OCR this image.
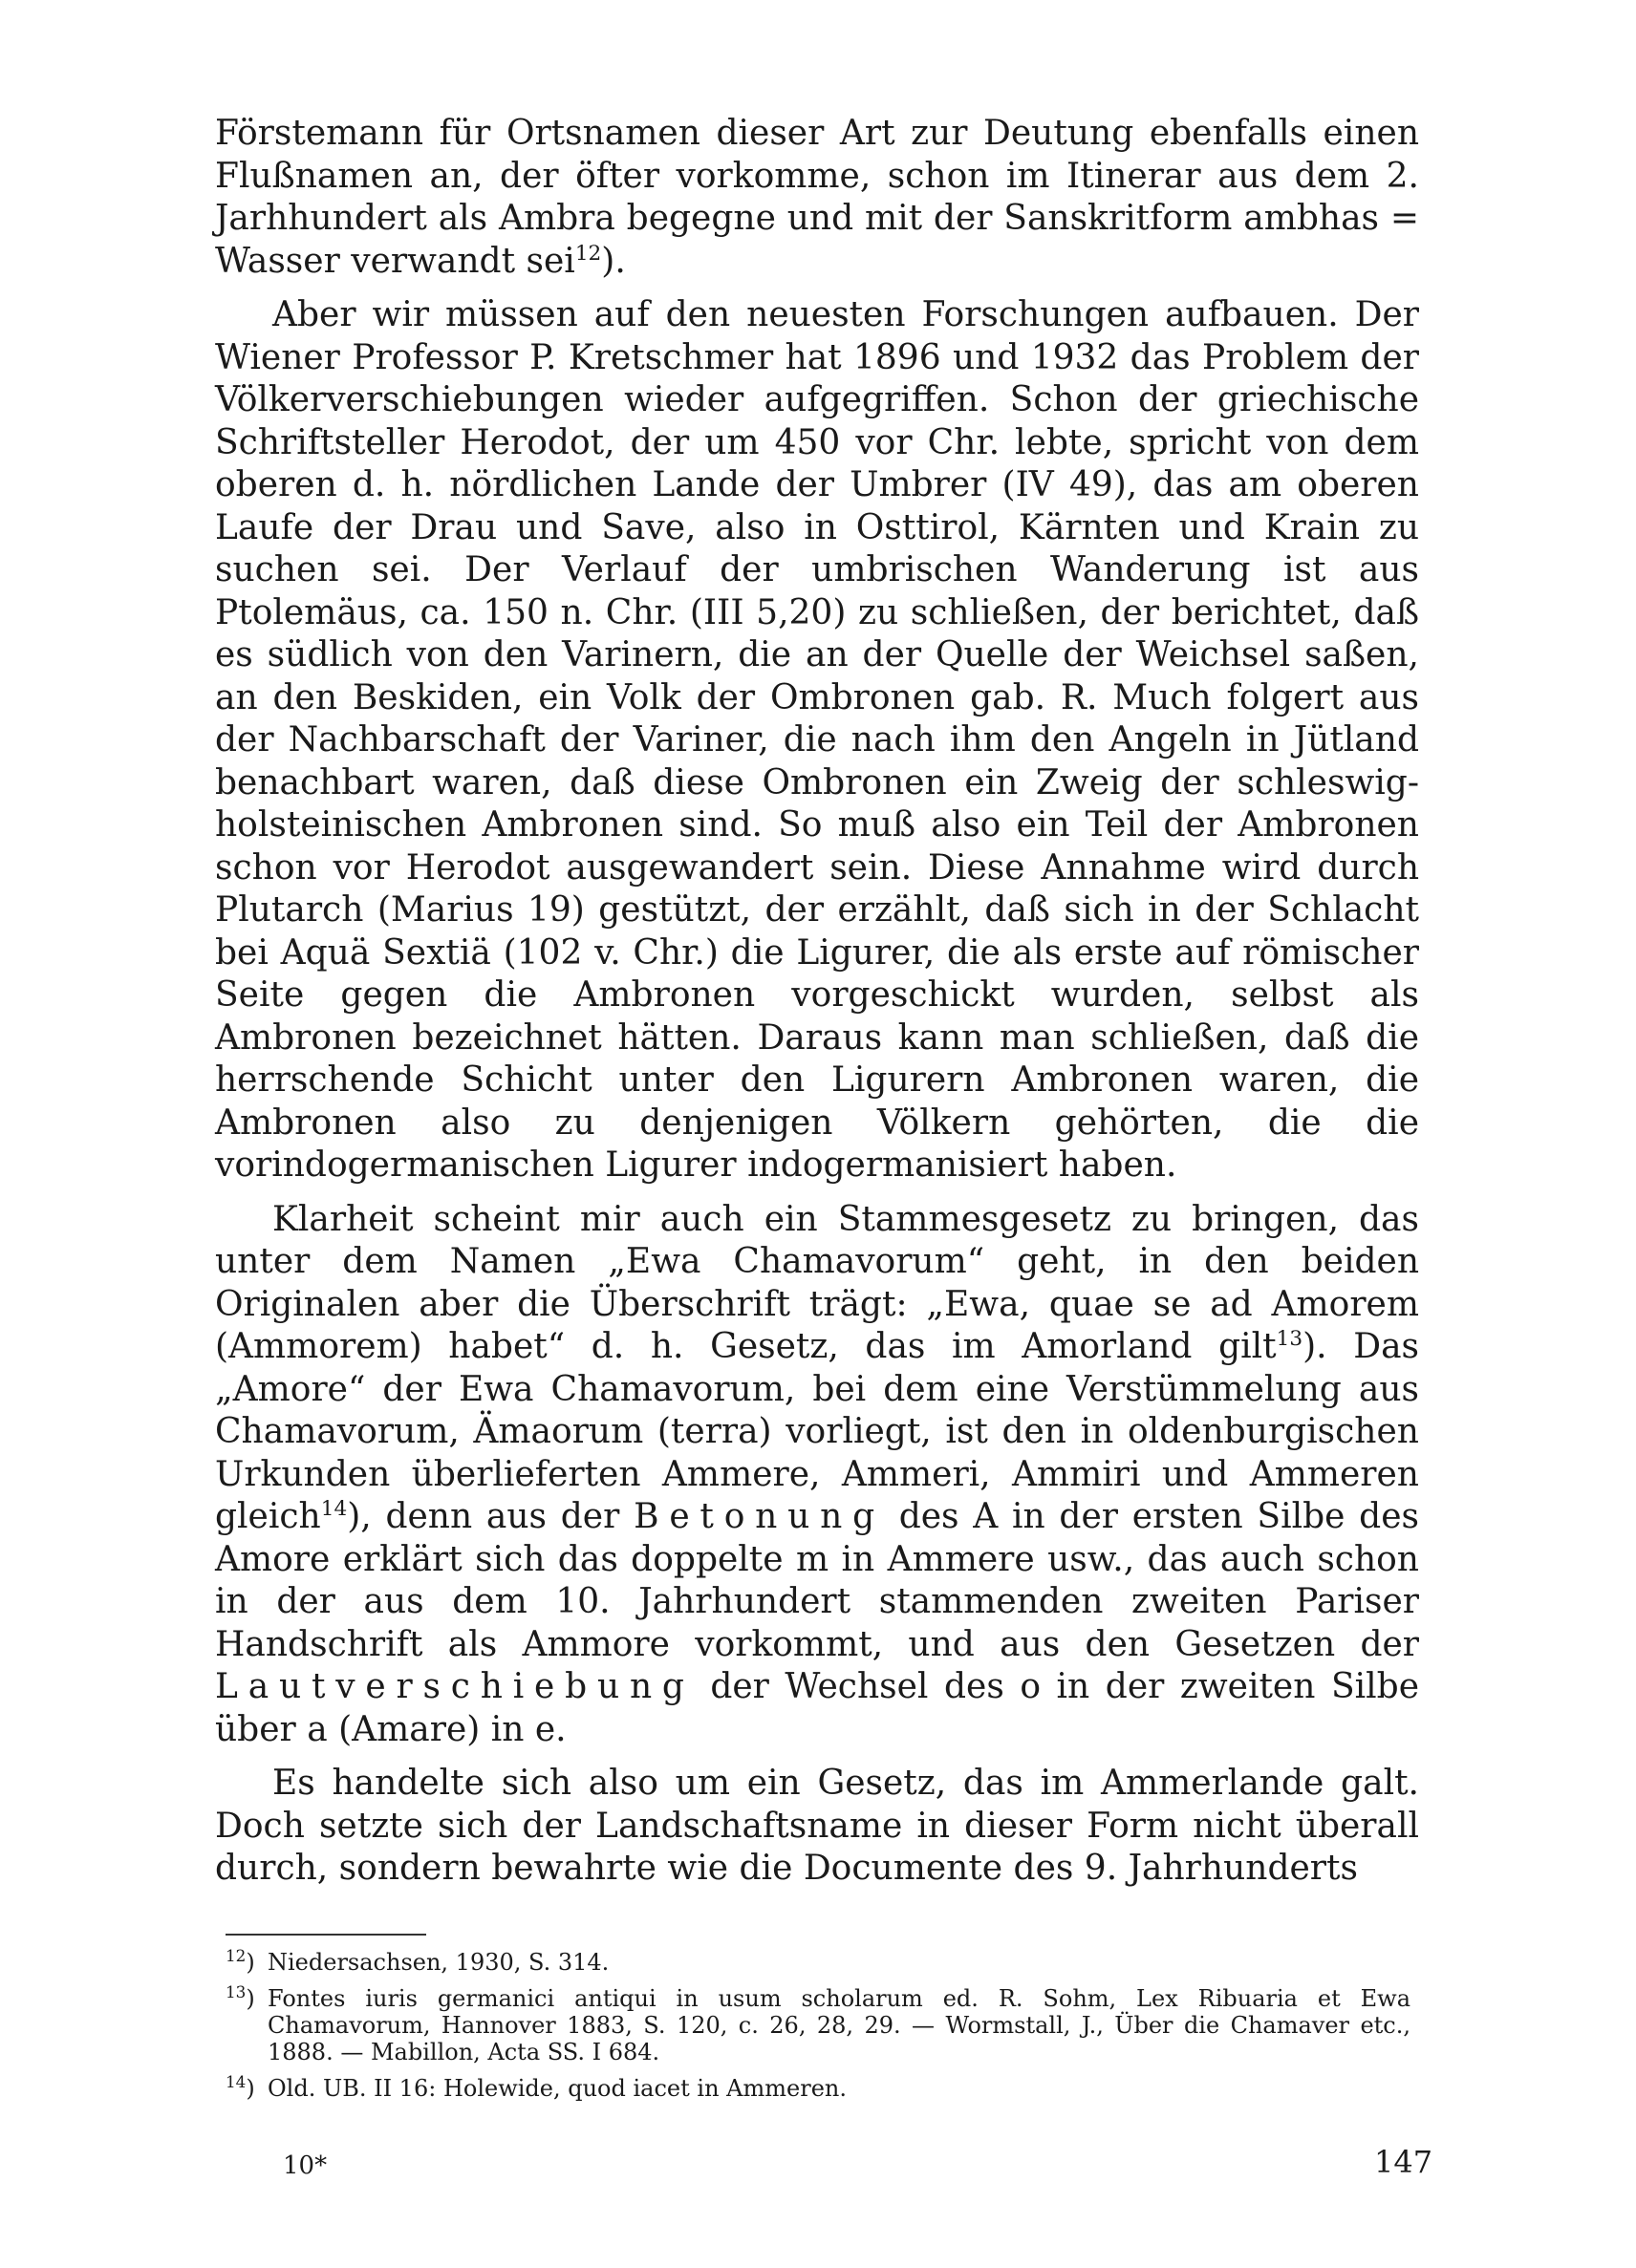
Förstemann für Ortsnamen dieser Art zur Deutung ebenfalls einen Flußnamen an, der öfter vorkomme, schon im Itinerar aus dem 2. Jarhhundert als Ambra begegne und mit der Sanskritform ambhas = Wasser verwandt sei$^{12}$).

Aber wir müssen auf den neuesten Forschungen aufbauen. Der Wiener Professor P. Kretschmer hat 1896 und 1932 das Problem der Völkerverschiebungen wieder aufgegriffen. Schon der griechische Schriftsteller Herodot, der um 450 vor Chr. lebte, spricht von dem oberen d. h. nördlichen Lande der Umbrer (IV 49), das am oberen Laufe der Drau und Save, also in Osttirol, Kärnten und Krain zu suchen sei. Der Verlauf der umbrischen Wanderung ist aus Ptolemäus, ca. 150 n. Chr. (III 5,20) zu schließen, der berichtet, daß es südlich von den Varinern, die an der Quelle der Weichsel saßen, an den Beskiden, ein Volk der Ombronen gab. R. Much folgert aus der Nachbarschaft der Variner, die nach ihm den Angeln in Jütland benachbart waren, daß diese Ombronen ein Zweig der schleswig-holsteinischen Ambronen sind. So muß also ein Teil der Ambronen schon vor Herodot ausgewandert sein. Diese Annahme wird durch Plutarch (Marius 19) gestützt, der erzählt, daß sich in der Schlacht bei Aquä Sextiä (102 v. Chr.) die Ligurer, die als erste auf römischer Seite gegen die Ambronen vorgeschickt wurden, selbst als Ambronen bezeichnet hätten. Daraus kann man schließen, daß die herrschende Schicht unter den Ligurern Ambronen waren, die Ambronen also zu denjenigen Völkern gehörten, die die vorindogermanischen Ligurer indogermanisiert haben.

Klarheit scheint mir auch ein Stammesgesetz zu bringen, das unter dem Namen „Ewa Chamavorum“ geht, in den beiden Originalen aber die Überschrift trägt: „Ewa, quae se ad Amorem (Ammorem) habet“ d. h. Gesetz, das im Amorland gilt$^{13}$). Das „Amore“ der Ewa Chamavorum, bei dem eine Verstümmelung aus Chamavorum, Ämaorum (terra) vorliegt, ist den in oldenburgischen Urkunden überlieferten Ammere, Ammeri, Ammiri und Ammeren gleich$^{14}$), denn aus der Betonung des A in der ersten Silbe des Amore erklärt sich das doppelte m in Ammere usw., das auch schon in der aus dem 10. Jahrhundert stammenden zweiten Pariser Handschrift als Ammore vorkommt, und aus den Gesetzen der Lautverschiebung der Wechsel des o in der zweiten Silbe über a (Amare) in e.

Es handelte sich also um ein Gesetz, das im Ammerlande galt. Doch setzte sich der Landschaftsname in dieser Form nicht überall durch, sondern bewahrte wie die Documente des 9. Jahrhunderts

$^{12}$) Niedersachsen, 1930, S. 314.
$^{13}$) Fontes iuris germanici antiqui in usum scholarum ed. R. Sohm, Lex Ribuaria et Ewa Chamavorum, Hannover 1883, S. 120, c. 26, 28, 29. — Wormstall, J., Über die Chamaver etc., 1888. — Mabillon, Acta SS. I 684.
$^{14}$) Old. UB. II 16: Holewide, quod iacet in Ammeren.
10*	147
